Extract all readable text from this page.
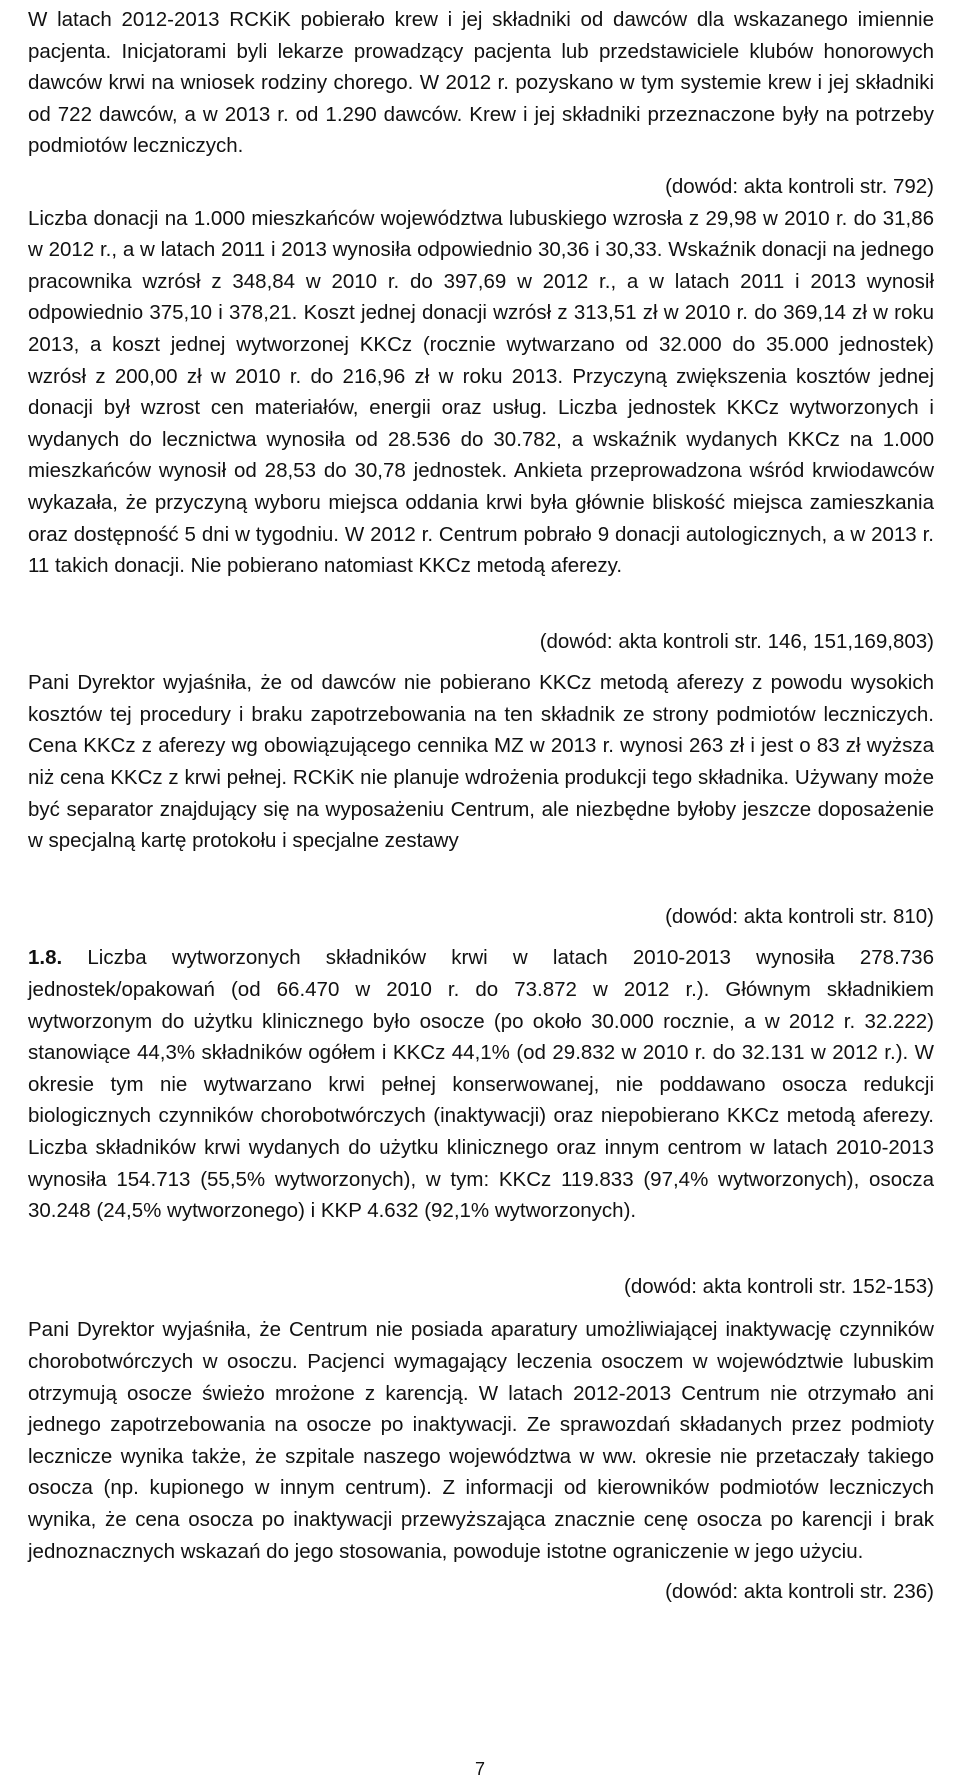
W latach 2012-2013 RCKiK pobierało krew i jej składniki od dawców dla wskazanego imiennie pacjenta. Inicjatorami byli lekarze prowadzący pacjenta lub przedstawiciele klubów honorowych dawców krwi na wniosek rodziny chorego. W 2012 r. pozyskano w tym systemie krew i jej składniki od 722 dawców, a w 2013 r. od 1.290 dawców. Krew i jej składniki przeznaczone były na potrzeby podmiotów leczniczych.

(dowód: akta kontroli str. 792)

Liczba donacji na 1.000 mieszkańców województwa lubuskiego wzrosła z 29,98 w 2010 r. do 31,86 w 2012 r., a w latach 2011 i 2013 wynosiła odpowiednio 30,36 i 30,33. Wskaźnik donacji na jednego pracownika wzrósł z 348,84 w 2010 r. do 397,69 w 2012 r., a w latach 2011 i 2013 wynosił odpowiednio 375,10 i 378,21. Koszt jednej donacji wzrósł z 313,51 zł w 2010 r. do 369,14 zł w roku 2013, a koszt jednej wytworzonej KKCz (rocznie wytwarzano od 32.000 do 35.000 jednostek) wzrósł z 200,00 zł w 2010 r. do 216,96 zł w roku 2013. Przyczyną zwiększenia kosztów jednej donacji był wzrost cen materiałów, energii oraz usług. Liczba jednostek KKCz wytworzonych i wydanych do lecznictwa wynosiła od 28.536 do 30.782, a wskaźnik wydanych KKCz na 1.000 mieszkańców wynosił od 28,53 do 30,78 jednostek. Ankieta przeprowadzona wśród krwiodawców wykazała, że przyczyną wyboru miejsca oddania krwi była głównie bliskość miejsca zamieszkania oraz dostępność 5 dni w tygodniu. W 2012 r. Centrum pobrało 9 donacji autologicznych, a w 2013 r. 11 takich donacji. Nie pobierano natomiast KKCz metodą aferezy.

(dowód: akta kontroli str. 146, 151,169,803)

Pani Dyrektor wyjaśniła, że od dawców nie pobierano KKCz metodą aferezy z powodu wysokich kosztów tej procedury i braku zapotrzebowania na ten składnik ze strony podmiotów leczniczych. Cena KKCz z aferezy wg obowiązującego cennika MZ w 2013 r. wynosi 263 zł i jest o 83 zł wyższa niż cena KKCz z krwi pełnej. RCKiK nie planuje wdrożenia produkcji tego składnika. Używany może być separator znajdujący się na wyposażeniu Centrum, ale niezbędne byłoby jeszcze doposażenie w specjalną kartę protokołu i specjalne zestawy

(dowód: akta kontroli str. 810)

1.8. Liczba wytworzonych składników krwi w latach 2010-2013 wynosiła 278.736 jednostek/opakowań (od 66.470 w 2010 r. do 73.872 w 2012 r.). Głównym składnikiem wytworzonym do użytku klinicznego było osocze (po około 30.000 rocznie, a w 2012 r. 32.222) stanowiące 44,3% składników ogółem i KKCz 44,1% (od 29.832 w 2010 r. do 32.131 w 2012 r.). W okresie tym nie wytwarzano krwi pełnej konserwowanej, nie poddawano osocza redukcji biologicznych czynników chorobotwórczych (inaktywacji) oraz niepobierano KKCz metodą aferezy. Liczba składników krwi wydanych do użytku klinicznego oraz innym centrom w latach 2010-2013 wynosiła 154.713 (55,5% wytworzonych), w tym: KKCz 119.833 (97,4% wytworzonych), osocza 30.248 (24,5% wytworzonego) i KKP 4.632 (92,1% wytworzonych).

(dowód: akta kontroli str. 152-153)

Pani Dyrektor wyjaśniła, że Centrum nie posiada aparatury umożliwiającej inaktywację czynników chorobotwórczych w osoczu. Pacjenci wymagający leczenia osoczem w województwie lubuskim otrzymują osocze świeżo mrożone z karencją. W latach 2012-2013 Centrum nie otrzymało ani jednego zapotrzebowania na osocze po inaktywacji. Ze sprawozdań składanych przez podmioty lecznicze wynika także, że szpitale naszego województwa w ww. okresie nie przetaczały takiego osocza (np. kupionego w innym centrum). Z informacji od kierowników podmiotów leczniczych wynika, że cena osocza po inaktywacji przewyższająca znacznie cenę osocza po karencji i brak jednoznacznych wskazań do jego stosowania, powoduje istotne ograniczenie w jego użyciu.

(dowód: akta kontroli str. 236)

7
